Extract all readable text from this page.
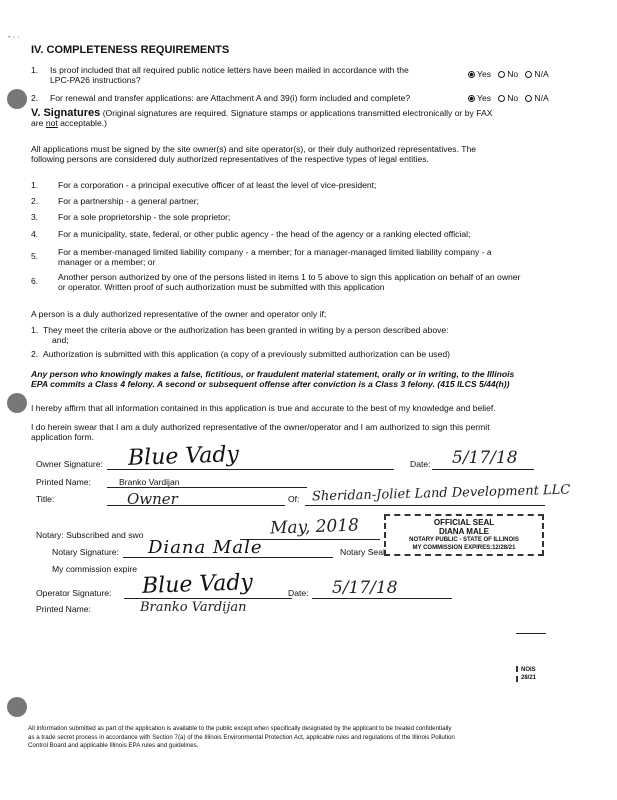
- · ·
IV. COMPLETENESS REQUIREMENTS
1. Is proof included that all required public notice letters have been mailed in accordance with the
LPC-PA26 instructions?
Yes No N/A
2. For renewal and transfer applications: are Attachment A and 39(i) form included and complete?	Yes No N/A
V. Signatures (Original signatures are required. Signature stamps or applications transmitted electronically or by FAX
are not acceptable.)
All applications must be signed by the site owner(s) and site operator(s), or their duly authorized representatives. The
following persons are considered duly authorized representatives of the respective types of legal entities.
1. For a corporation - a principal executive officer of at least the level of vice-president;
2. For a partnership - a general partner;
3. For a sole proprietorship - the sole proprietor;
4. For a municipality, state, federal, or other public agency - the head of the agency or a ranking elected official;
5. For a member-managed limited liability company - a member; for a manager-managed limited liability company - a
manager or a member; or
6. Another person authorized by one of the persons listed in items 1 to 5 above to sign this application on behalf of an owner
or operator. Written proof of such authorization must be submitted with this application
A person is a duly authorized representative of the owner and operator only if;
1. They meet the criteria above or the authorization has been granted in writing by a person described above:
and;
2. Authorization is submitted with this application (a copy of a previously submitted authorization can be used)
Any person who knowingly makes a false, fictitious, or fraudulent material statement, orally or in writing, to the Illinois
EPA commits a Class 4 felony. A second or subsequent offense after conviction is a Class 3 felony. (415 ILCS 5/44(h))
I hereby affirm that all information contained in this application is true and accurate to the best of my knowledge and belief.
I do herein swear that I am a duly authorized representative of the owner/operator and I am authorized to sign this permit
application form.
Owner Signature: Blue Vady	Date: 5/17/18
Printed Name:	Branko Vardijan
Title:	Owner	Of: Sheridan-Joliet Land Development LLC
Notary: Subscribed and swo	May, 2018
Notary Signature: Diana Male	Notary Seal
My commission expire
OFFICIAL SEAL
DIANA MALE
NOTARY PUBLIC - STATE OF ILLINOIS
MY COMMISSION EXPIRES:12/28/21
Operator Signature: Blue Vady	Date: 5/17/18
Printed Name:	Branko Vardijan
NOIS
28/21
All information submitted as part of the application is available to the public except when specifically designated by the applicant to be treated confidentially
as a trade secret process in accordance with Section 7(a) of the Illinois Environmental Protection Act, applicable rules and regulations of the Illinois Pollution
Control Board and applicable Illinois EPA rules and guidelines.
